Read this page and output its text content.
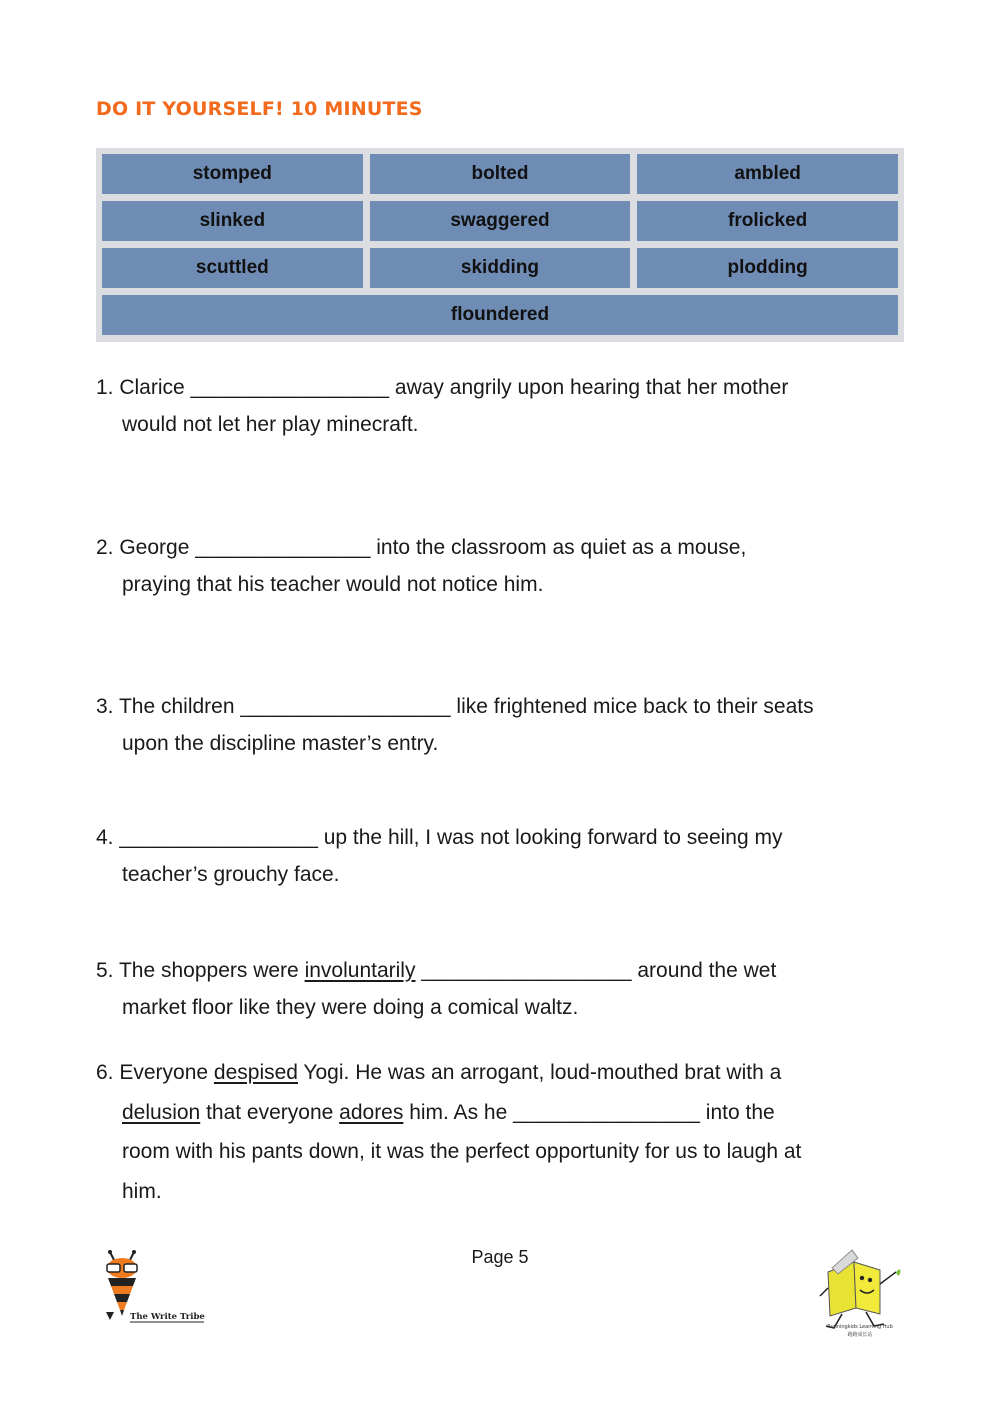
DO IT YOURSELF! 10 MINUTES
stomped	bolted	ambled
slinked	swaggered	frolicked
scuttled	skidding	plodding
floundered
1. Clarice _________________ away angrily upon hearing that her mother
would not let her play minecraft.
2. George _______________ into the classroom as quiet as a mouse,
praying that his teacher would not notice him.
3. The children __________________ like frightened mice back to their seats
upon the discipline master’s entry.
4. _________________ up the hill, I was not looking forward to seeing my
teacher’s grouchy face.
5. The shoppers were involuntarily __________________ around the wet
market floor like they were doing a comical waltz.
6. Everyone despised Yogi. He was an arrogant, loud-mouthed brat with a
delusion that everyone adores him. As he ________________ into the
room with his pants down, it was the perfect opportunity for us to laugh at
him.
Page 5
The Write Tribe
Runningkids Learning Hub
跑跑成长站
